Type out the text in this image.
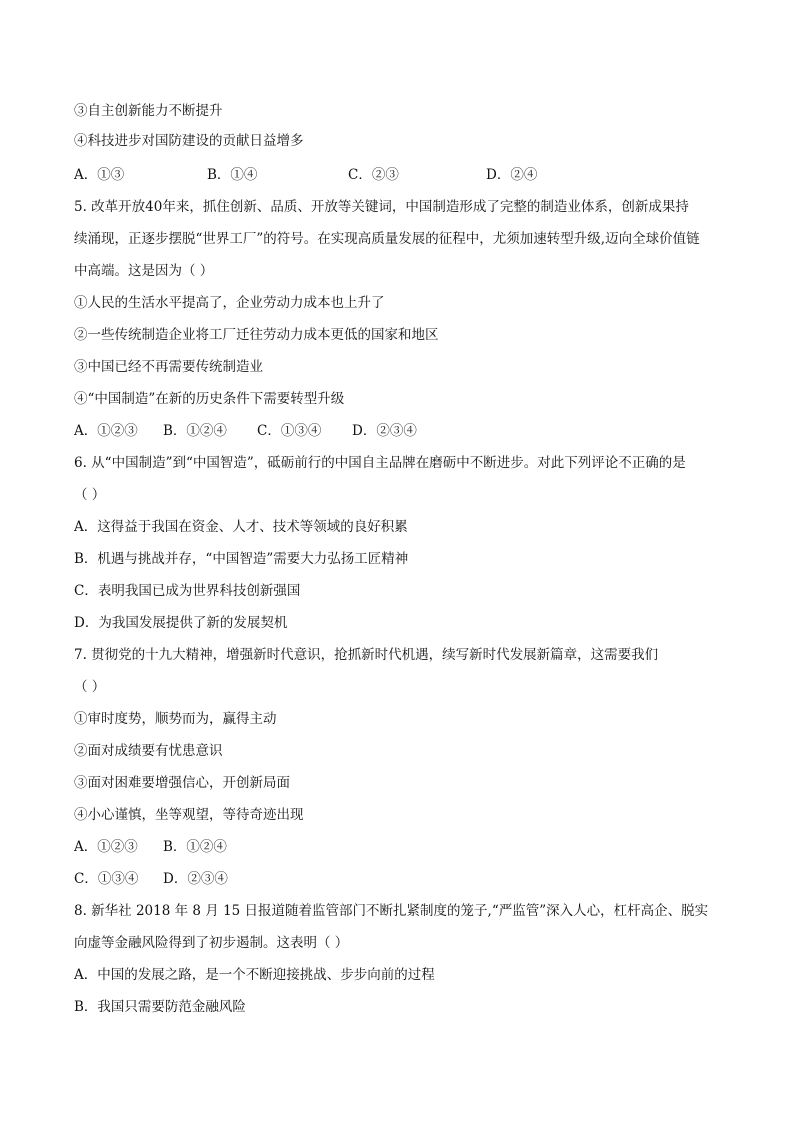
③自主创新能力不断提升
④科技进步对国防建设的贡献日益增多
A．①③	B．①④	C．②③	D．②④
5. 改革开放40年来，抓住创新、品质、开放等关键词，中国制造形成了完整的制造业体系，创新成果持
续涌现，正逐步摆脱“世界工厂”的符号。在实现高质量发展的征程中，尤须加速转型升级,迈向全球价值链
中高端。这是因为（ ）
①人民的生活水平提高了，企业劳动力成本也上升了
②一些传统制造企业将工厂迁往劳动力成本更低的国家和地区
③中国已经不再需要传统制造业
④“中国制造”在新的历史条件下需要转型升级
A．①②③ B．①②④ C．①③④ D．②③④
6. 从“中国制造”到“中国智造”，砥砺前行的中国自主品牌在磨砺中不断进步。对此下列评论不正确的是
（ ）
A．这得益于我国在资金、人才、技术等领域的良好积累
B．机遇与挑战并存，“中国智造”需要大力弘扬工匠精神
C．表明我国已成为世界科技创新强国
D．为我国发展提供了新的发展契机
7. 贯彻党的十九大精神，增强新时代意识，抢抓新时代机遇，续写新时代发展新篇章，这需要我们
（ ）
①审时度势，顺势而为，赢得主动
②面对成绩要有忧患意识
③面对困难要增强信心，开创新局面
④小心谨慎，坐等观望，等待奇迹出现
A．①②③ B．①②④
C．①③④ D．②③④
8. 新华社 2018 年 8 月 15 日报道随着监管部门不断扎紧制度的笼子,“严监管”深入人心，杠杆高企、脱实
向虚等金融风险得到了初步遏制。这表明（ ）
A．中国的发展之路，是一个不断迎接挑战、步步向前的过程
B．我国只需要防范金融风险
